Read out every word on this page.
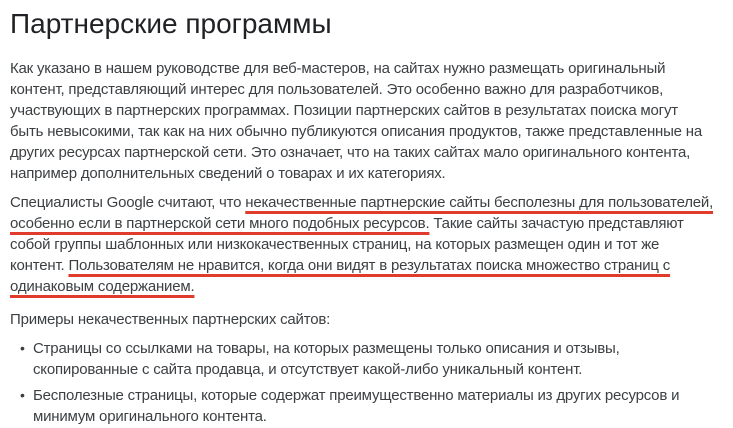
Партнерские программы

Как указано в нашем руководстве для веб-мастеров, на сайтах нужно размещать оригинальный контент, представляющий интерес для пользователей. Это особенно важно для разработчиков, участвующих в партнерских программах. Позиции партнерских сайтов в результатах поиска могут быть невысокими, так как на них обычно публикуются описания продуктов, также представленные на других ресурсах партнерской сети. Это означает, что на таких сайтах мало оригинального контента, например дополнительных сведений о товарах и их категориях.

Специалисты Google считают, что некачественные партнерские сайты бесполезны для пользователей, особенно если в партнерской сети много подобных ресурсов. Такие сайты зачастую представляют собой группы шаблонных или низкокачественных страниц, на которых размещен один и тот же контент. Пользователям не нравится, когда они видят в результатах поиска множество страниц с одинаковым содержанием.

Примеры некачественных партнерских сайтов:

• Страницы со ссылками на товары, на которых размещены только описания и отзывы, скопированные с сайта продавца, и отсутствует какой-либо уникальный контент.
• Бесполезные страницы, которые содержат преимущественно материалы из других ресурсов и минимум оригинального контента.
